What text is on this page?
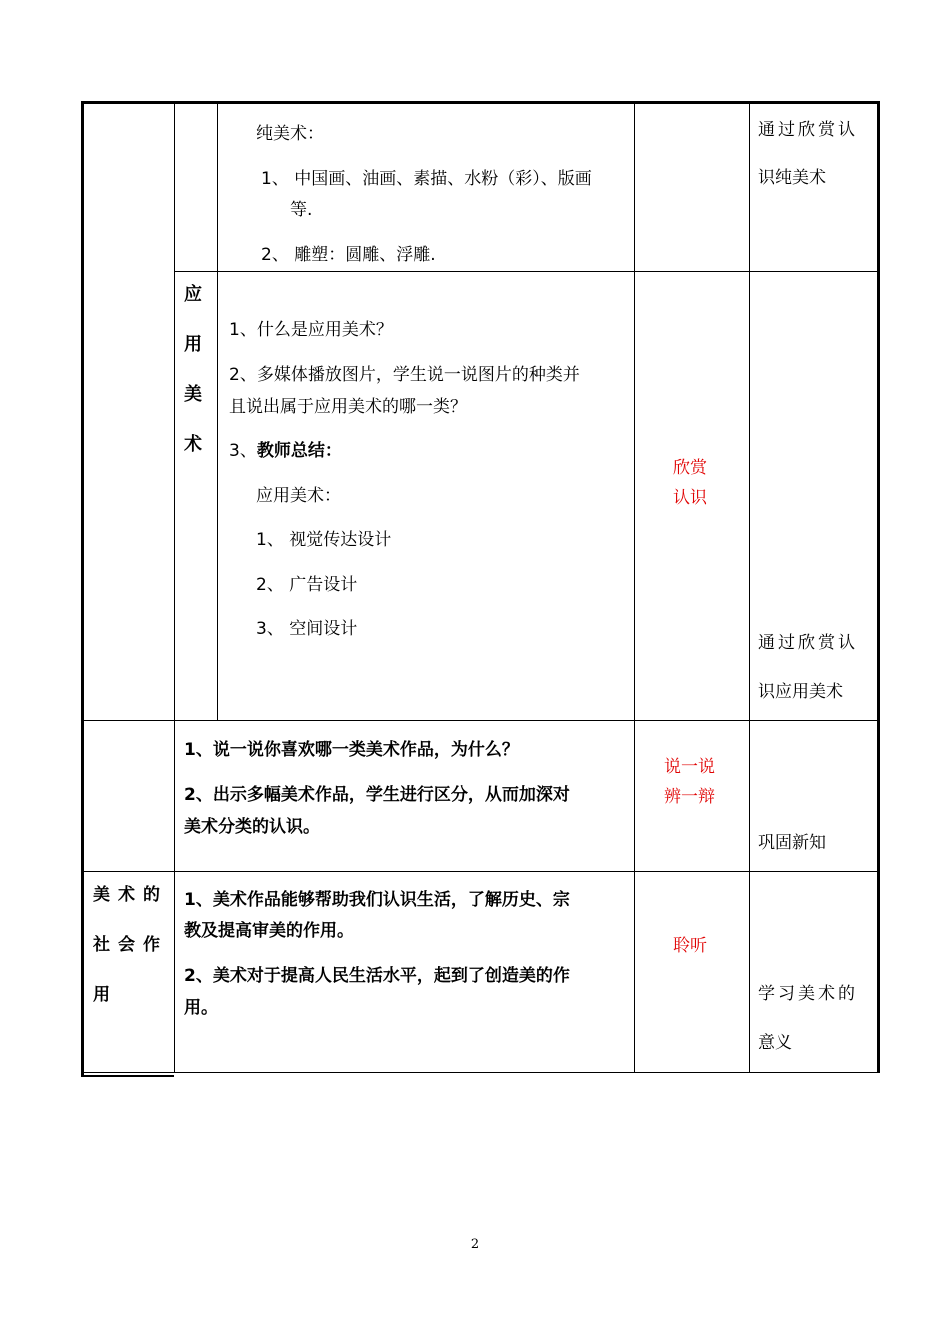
纯美术：
1、 中国画、油画、素描、水粉（彩）、版画
等.
2、 雕塑：圆雕、浮雕.
通过欣赏认
识纯美术
应
用
美
术
1、什么是应用美术？
2、多媒体播放图片，学生说一说图片的种类并
且说出属于应用美术的哪一类？
3、教师总结：
应用美术：
1、 视觉传达设计
2、 广告设计
3、 空间设计
欣赏
认识
通过欣赏认
识应用美术
1、说一说你喜欢哪一类美术作品，为什么？
2、出示多幅美术作品，学生进行区分，从而加深对
美术分类的认识。
说一说
辨一辩
巩固新知
美术的
社会作
用
1、美术作品能够帮助我们认识生活，了解历史、宗
教及提高审美的作用。
2、美术对于提高人民生活水平，起到了创造美的作
用。
聆听
学习美术的
意义
2
